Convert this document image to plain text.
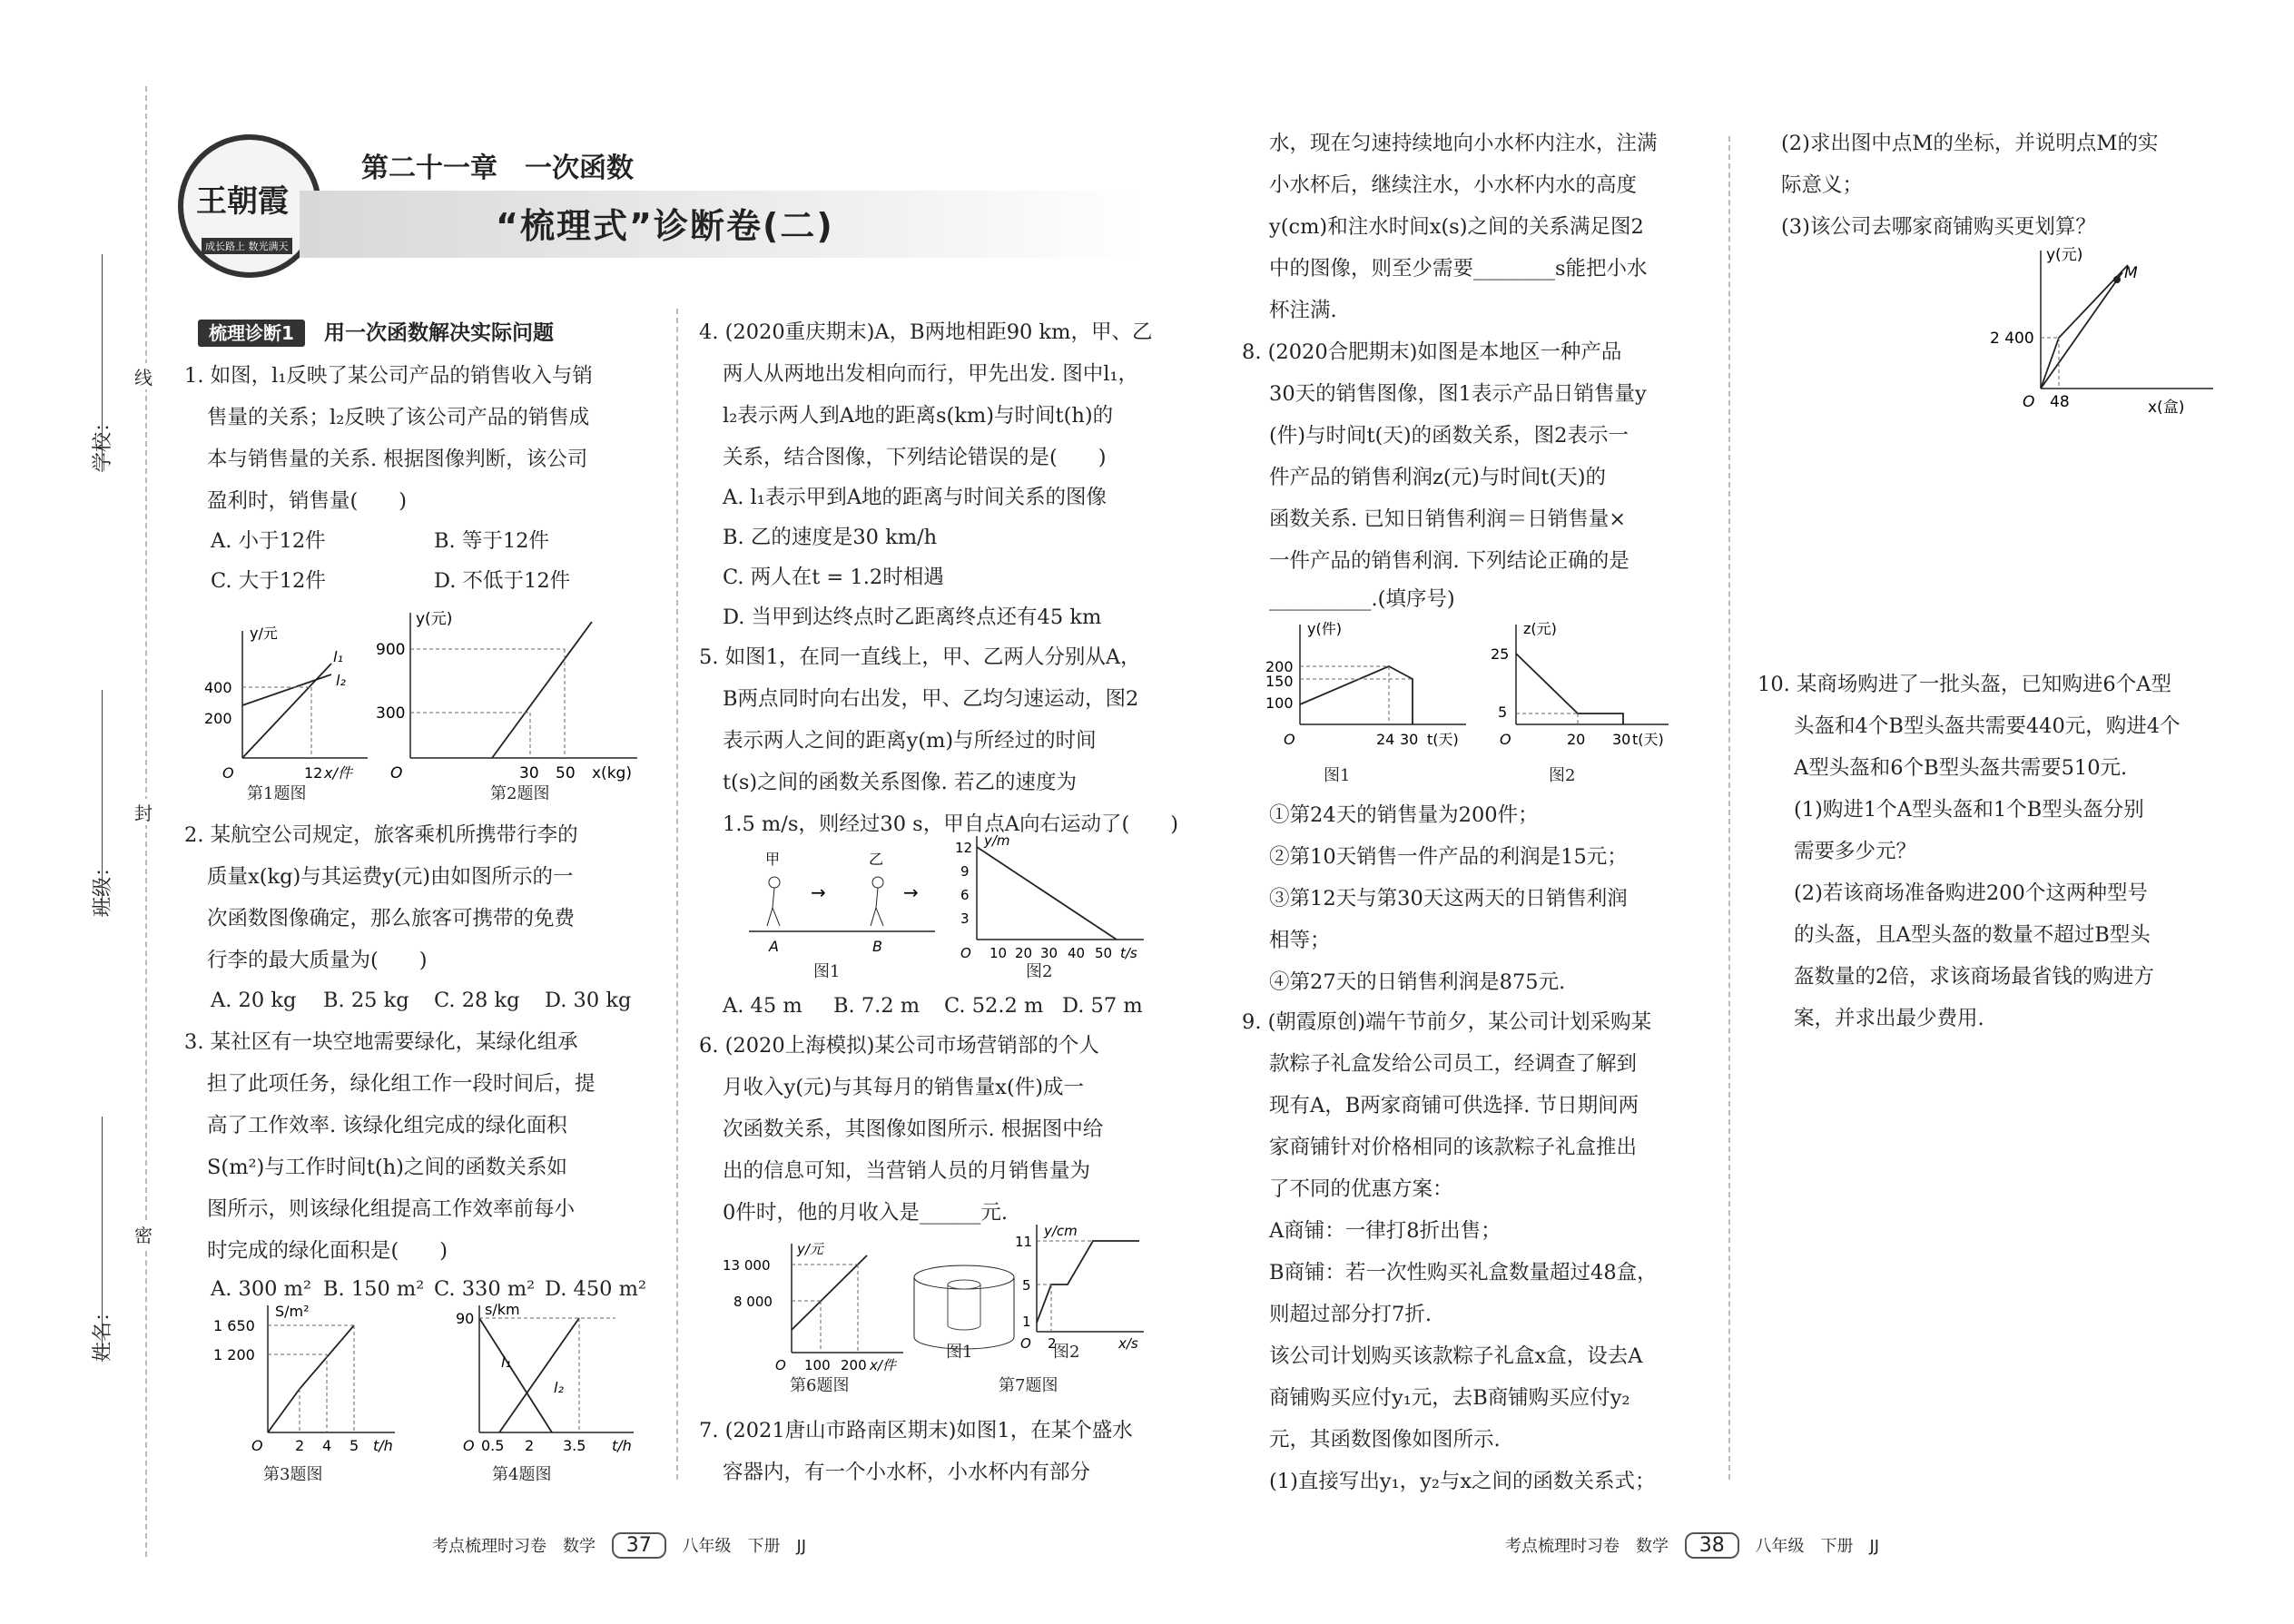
线
封
密
学校：
班级：
姓名：
王朝霞
成长路上 数光满天
第二十一章　一次函数
“梳理式”诊断卷(二)
梳理诊断1 用一次函数解决实际问题
1. 如图，l₁反映了某公司产品的销售收入与销
售量的关系；l₂反映了该公司产品的销售成
本与销售量的关系. 根据图像判断，该公司
盈利时，销售量(　　)
A. 小于12件	B. 等于12件
C. 大于12件	D. 不低于12件
y/元
400
200
12 x/件
O
l₁
l₂
第1题图
y(元)
900
300
30 50 x(kg)
O
第2题图
2. 某航空公司规定，旅客乘机所携带行李的
质量x(kg)与其运费y(元)由如图所示的一
次函数图像确定，那么旅客可携带的免费
行李的最大质量为(　　)
A. 20 kg B. 25 kg C. 28 kg D. 30 kg
3. 某社区有一块空地需要绿化，某绿化组承
担了此项任务，绿化组工作一段时间后，提
高了工作效率. 该绿化组完成的绿化面积
S(m²)与工作时间t(h)之间的函数关系如
图所示，则该绿化组提高工作效率前每小
时完成的绿化面积是(　　)
A. 300 m² B. 150 m² C. 330 m² D. 450 m²
S/m²
1 650
1 200
2 4 5 t/h
O
第3题图
s/km
90
0.5 2 3.5 t/h
O
l₁
l₂
第4题图
4. (2020重庆期末)A，B两地相距90 km，甲、乙
两人从两地出发相向而行，甲先出发. 图中l₁，
l₂表示两人到A地的距离s(km)与时间t(h)的
关系，结合图像，下列结论错误的是(　　)
A. l₁表示甲到A地的距离与时间关系的图像
B. 乙的速度是30 km/h
C. 两人在t = 1.2时相遇
D. 当甲到达终点时乙距离终点还有45 km
5. 如图1，在同一直线上，甲、乙两人分别从A，
B两点同时向右出发，甲、乙均匀速运动，图2
表示两人之间的距离y(m)与所经过的时间
t(s)之间的函数关系图像. 若乙的速度为
1.5 m/s，则经过30 s，甲自点A向右运动了(　　)
→	→
甲	乙
A	B
图1
y/m
12
9
6
3
10 20 30 40 50 t/s
O
图2
A. 45 m B. 7.2 m C. 52.2 m D. 57 m
6. (2020上海模拟)某公司市场营销部的个人
月收入y(元)与其每月的销售量x(件)成一
次函数关系，其图像如图所示. 根据图中给
出的信息可知，当营销人员的月销售量为
0件时，他的月收入是______元.
y/元
13 000
8 000
100 200 x/件
O
第6题图
图1
y/cm
11
5
1
2	x/s
O 图2
第7题图
7. (2021唐山市路南区期末)如图1，在某个盛水
容器内，有一个小水杯，小水杯内有部分
水，现在匀速持续地向小水杯内注水，注满
小水杯后，继续注水，小水杯内水的高度
y(cm)和注水时间x(s)之间的关系满足图2
中的图像，则至少需要________s能把小水
杯注满.
8. (2020合肥期末)如图是本地区一种产品
30天的销售图像，图1表示产品日销售量y
(件)与时间t(天)的函数关系，图2表示一
件产品的销售利润z(元)与时间t(天)的
函数关系. 已知日销售利润＝日销售量×
一件产品的销售利润. 下列结论正确的是
__________.(填序号)
y(件)
200
150
100
24 30 t(天)
O
图1
z(元)
25
5
20 30 t(天)
O
图2
①第24天的销售量为200件；
②第10天销售一件产品的利润是15元；
③第12天与第30天这两天的日销售利润
相等；
④第27天的日销售利润是875元.
9. (朝霞原创)端午节前夕，某公司计划采购某
款粽子礼盒发给公司员工，经调查了解到
现有A，B两家商铺可供选择. 节日期间两
家商铺针对价格相同的该款粽子礼盒推出
了不同的优惠方案：
A商铺：一律打8折出售；
B商铺：若一次性购买礼盒数量超过48盒，
则超过部分打7折.
该公司计划购买该款粽子礼盒x盒，设去A
商铺购买应付y₁元，去B商铺购买应付y₂
元，其函数图像如图所示.
(1)直接写出y₁，y₂与x之间的函数关系式；
(2)求出图中点M的坐标，并说明点M的实
际意义；
(3)该公司去哪家商铺购买更划算？
y(元)
2 400
48	x(盒)
O
M
10. 某商场购进了一批头盔，已知购进6个A型
头盔和4个B型头盔共需要440元，购进4个
A型头盔和6个B型头盔共需要510元.
(1)购进1个A型头盔和1个B型头盔分别
需要多少元？
(2)若该商场准备购进200个这两种型号
的头盔，且A型头盔的数量不超过B型头
盔数量的2倍，求该商场最省钱的购进方
案，并求出最少费用.
考点梳理时习卷　数学 37 八年级　下册　JJ	考点梳理时习卷　数学 38 八年级　下册　JJ
